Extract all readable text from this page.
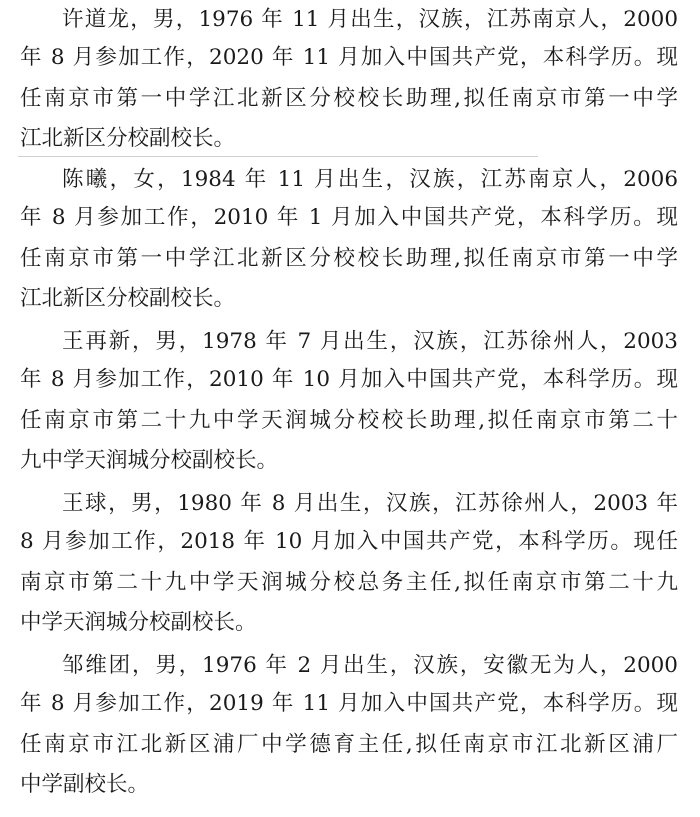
许道龙，男，1976 年 11 月出生，汉族，江苏南京人，2000
年 8 月参加工作，2020 年 11 月加入中国共产党，本科学历。现
任南京市第一中学江北新区分校校长助理,拟任南京市第一中学
江北新区分校副校长。
陈曦，女，1984 年 11 月出生，汉族，江苏南京人，2006
年 8 月参加工作，2010 年 1 月加入中国共产党，本科学历。现
任南京市第一中学江北新区分校校长助理,拟任南京市第一中学
江北新区分校副校长。
王再新，男，1978 年 7 月出生，汉族，江苏徐州人，2003
年 8 月参加工作，2010 年 10 月加入中国共产党，本科学历。现
任南京市第二十九中学天润城分校校长助理,拟任南京市第二十
九中学天润城分校副校长。
王球，男，1980 年 8 月出生，汉族，江苏徐州人，2003 年
8 月参加工作，2018 年 10 月加入中国共产党，本科学历。现任
南京市第二十九中学天润城分校总务主任,拟任南京市第二十九
中学天润城分校副校长。
邹维团，男，1976 年 2 月出生，汉族，安徽无为人，2000
年 8 月参加工作，2019 年 11 月加入中国共产党，本科学历。现
任南京市江北新区浦厂中学德育主任,拟任南京市江北新区浦厂
中学副校长。
